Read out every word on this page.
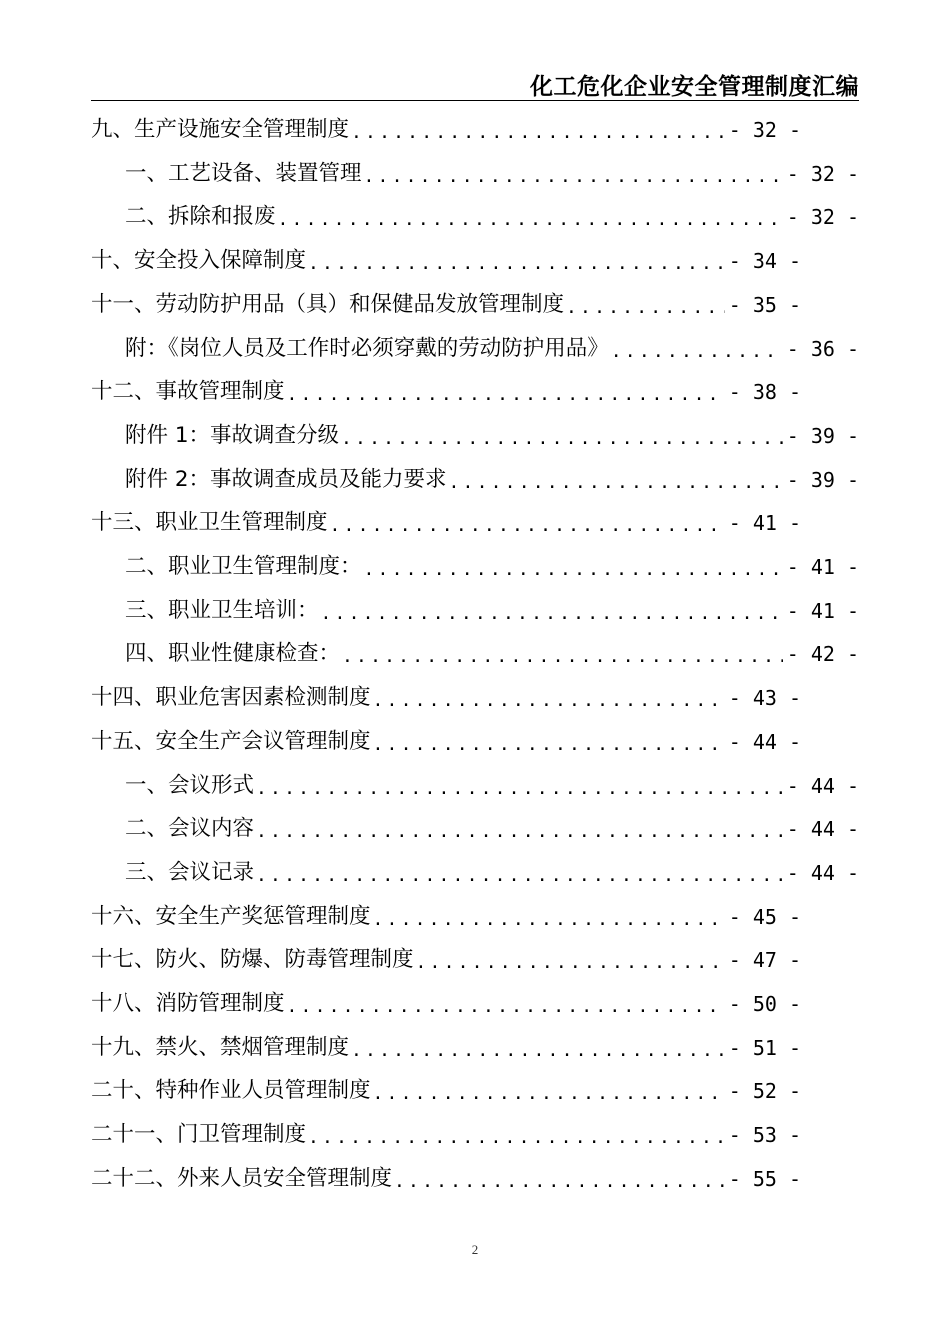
化工危化企业安全管理制度汇编
九、生产设施安全管理制度 .....	- 32 -
一、工艺设备、装置管理 .....	- 32 -
二、拆除和报废 .....	- 32 -
十、安全投入保障制度 .....	- 34 -
十一、劳动防护用品（具）和保健品发放管理制度 .....	- 35 -
附：《岗位人员及工作时必须穿戴的劳动防护用品》 .....	- 36 -
十二、事故管理制度 .....	- 38 -
附件 1：事故调查分级 .....	- 39 -
附件 2：事故调查成员及能力要求 .....	- 39 -
十三、职业卫生管理制度 .....	- 41 -
二、职业卫生管理制度： .....	- 41 -
三、职业卫生培训： .....	- 41 -
四、职业性健康检查： .....	- 42 -
十四、职业危害因素检测制度 .....	- 43 -
十五、安全生产会议管理制度 .....	- 44 -
一、会议形式 .....	- 44 -
二、会议内容 .....	- 44 -
三、会议记录 .....	- 44 -
十六、安全生产奖惩管理制度 .....	- 45 -
十七、防火、防爆、防毒管理制度 .....	- 47 -
十八、消防管理制度 .....	- 50 -
十九、禁火、禁烟管理制度 .....	- 51 -
二十、特种作业人员管理制度 .....	- 52 -
二十一、门卫管理制度 .....	- 53 -
二十二、外来人员安全管理制度 .....	- 55 -
2
